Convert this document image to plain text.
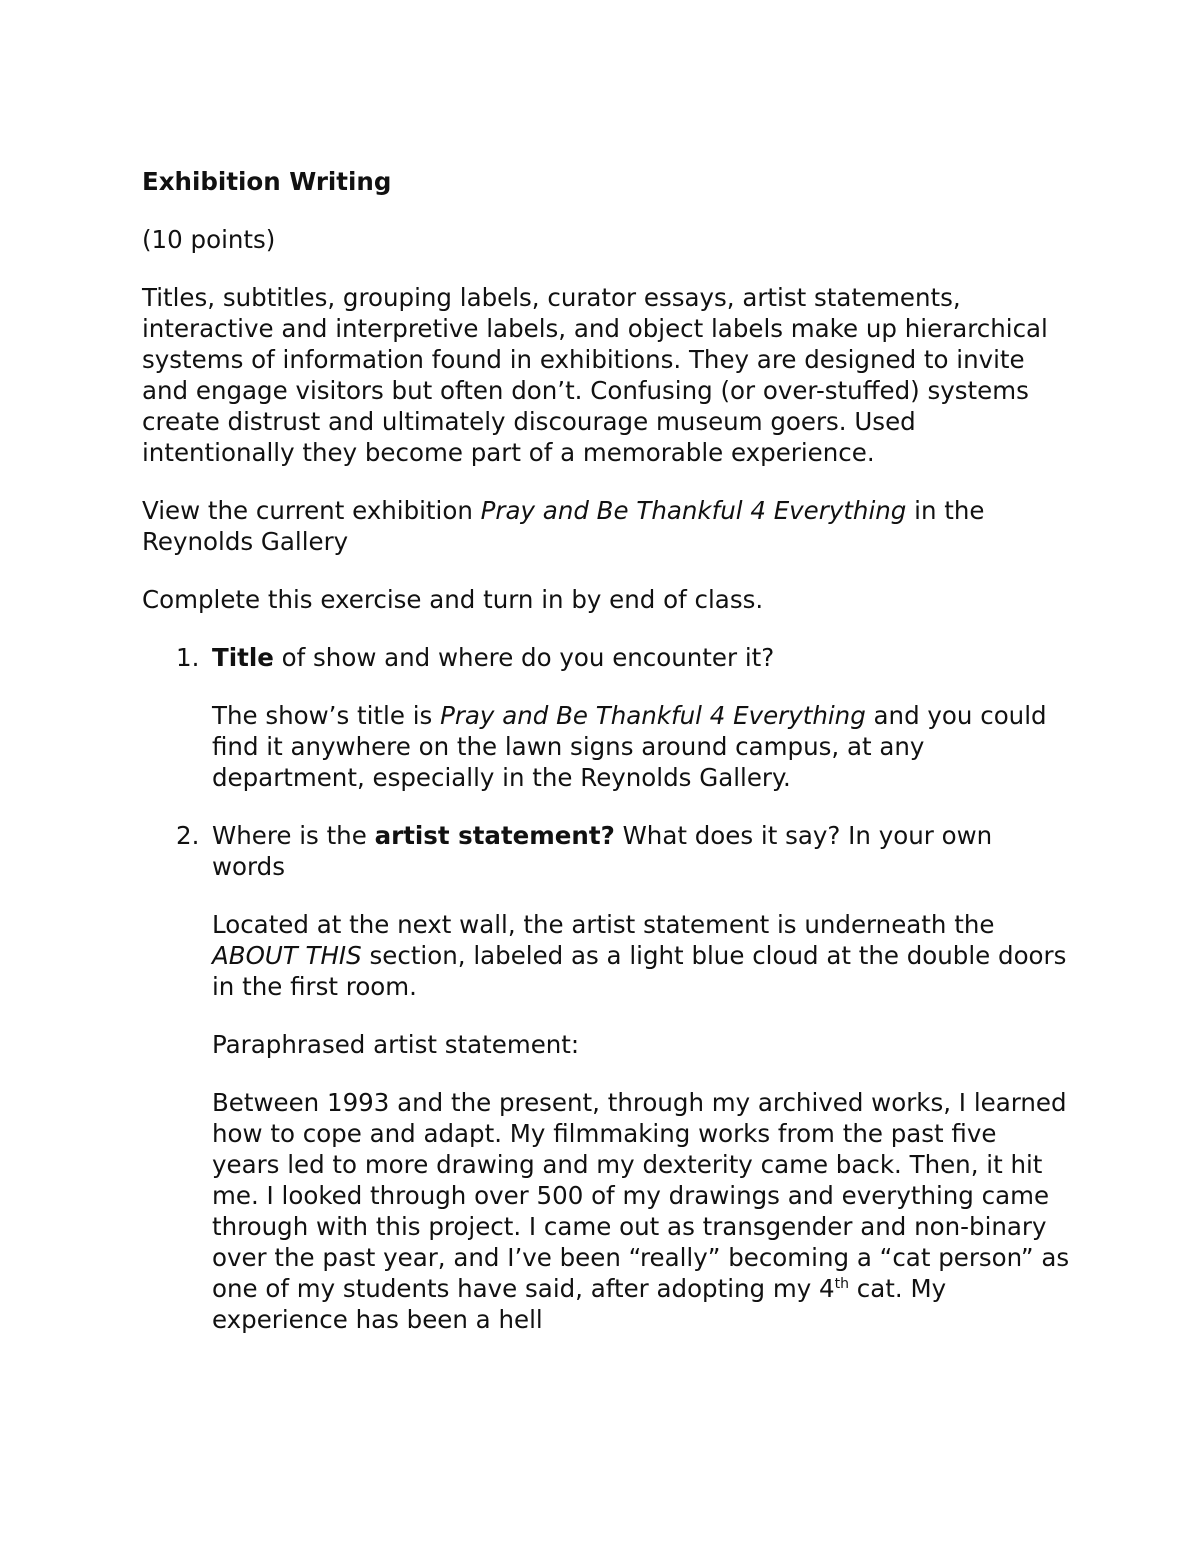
Exhibition Writing

(10 points)

Titles, subtitles, grouping labels, curator essays, artist statements, interactive and interpretive labels, and object labels make up hierarchical systems of information found in exhibitions. They are designed to invite and engage visitors but often don’t. Confusing (or over-stuffed) systems create distrust and ultimately discourage museum goers. Used intentionally they become part of a memorable experience.

View the current exhibition Pray and Be Thankful 4 Everything in the Reynolds Gallery

Complete this exercise and turn in by end of class.

1. Title of show and where do you encounter it?
The show’s title is Pray and Be Thankful 4 Everything and you could find it anywhere on the lawn signs around campus, at any department, especially in the Reynolds Gallery.
2. Where is the artist statement? What does it say? In your own words
Located at the next wall, the artist statement is underneath the ABOUT THIS section, labeled as a light blue cloud at the double doors in the first room.
Paraphrased artist statement:
Between 1993 and the present, through my archived works, I learned how to cope and adapt. My filmmaking works from the past five years led to more drawing and my dexterity came back. Then, it hit me. I looked through over 500 of my drawings and everything came through with this project. I came out as transgender and non-binary over the past year, and I’ve been “really” becoming a “cat person” as one of my students have said, after adopting my 4th cat. My experience has been a hell
